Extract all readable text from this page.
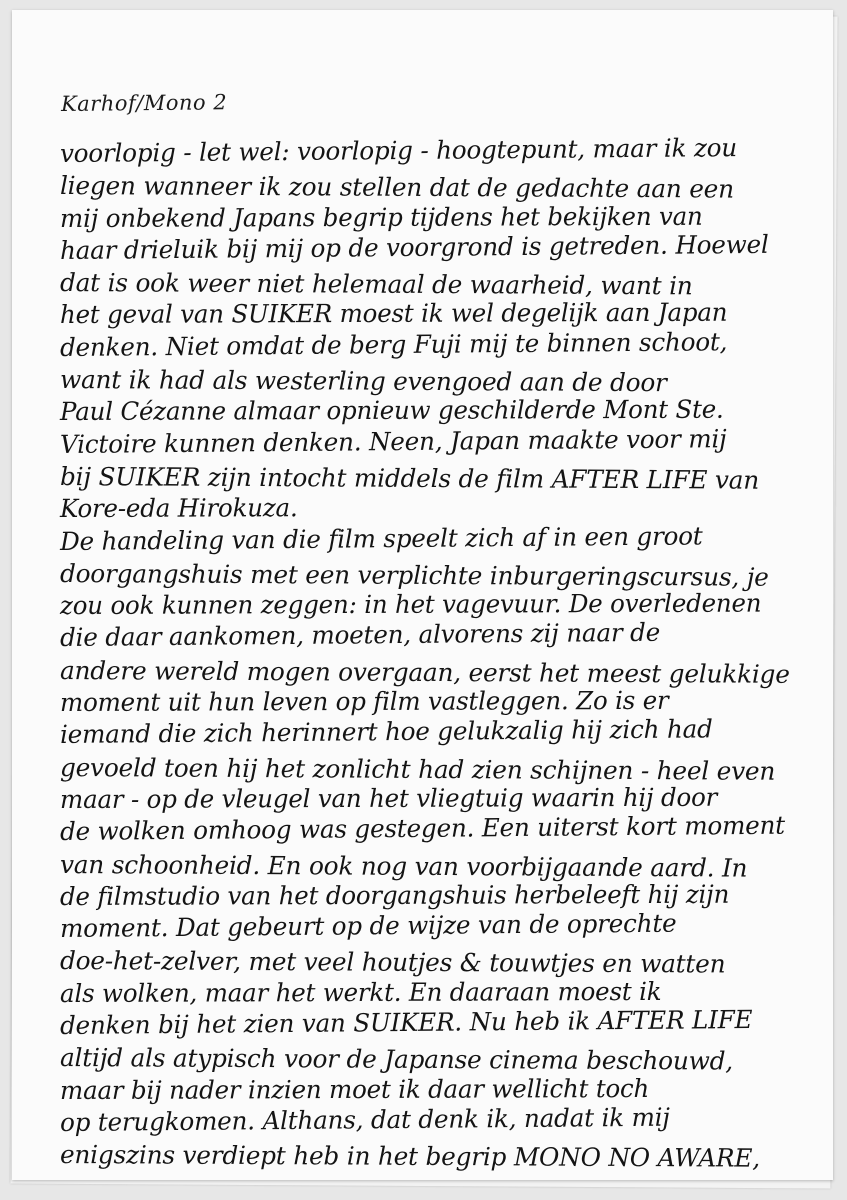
Karhof/Mono 2
voorlopig - let wel: voorlopig - hoogtepunt, maar ik zou
liegen wanneer ik zou stellen dat de gedachte aan een
mij onbekend Japans begrip tijdens het bekijken van
haar drieluik bij mij op de voorgrond is getreden. Hoewel
dat is ook weer niet helemaal de waarheid, want in
het geval van SUIKER moest ik wel degelijk aan Japan
denken. Niet omdat de berg Fuji mij te binnen schoot,
want ik had als westerling evengoed aan de door
Paul Cézanne almaar opnieuw geschilderde Mont Ste.
Victoire kunnen denken. Neen, Japan maakte voor mij
bij SUIKER zijn intocht middels de film AFTER LIFE van
Kore-eda Hirokuza.
De handeling van die film speelt zich af in een groot
doorgangshuis met een verplichte inburgeringscursus, je
zou ook kunnen zeggen: in het vagevuur. De overledenen
die daar aankomen, moeten, alvorens zij naar de
andere wereld mogen overgaan, eerst het meest gelukkige
moment uit hun leven op film vastleggen. Zo is er
iemand die zich herinnert hoe gelukzalig hij zich had
gevoeld toen hij het zonlicht had zien schijnen - heel even
maar - op de vleugel van het vliegtuig waarin hij door
de wolken omhoog was gestegen. Een uiterst kort moment
van schoonheid. En ook nog van voorbijgaande aard. In
de filmstudio van het doorgangshuis herbeleeft hij zijn
moment. Dat gebeurt op de wijze van de oprechte
doe-het-zelver, met veel houtjes & touwtjes en watten
als wolken, maar het werkt. En daaraan moest ik
denken bij het zien van SUIKER. Nu heb ik AFTER LIFE
altijd als atypisch voor de Japanse cinema beschouwd,
maar bij nader inzien moet ik daar wellicht toch
op terugkomen. Althans, dat denk ik, nadat ik mij
enigszins verdiept heb in het begrip MONO NO AWARE,
